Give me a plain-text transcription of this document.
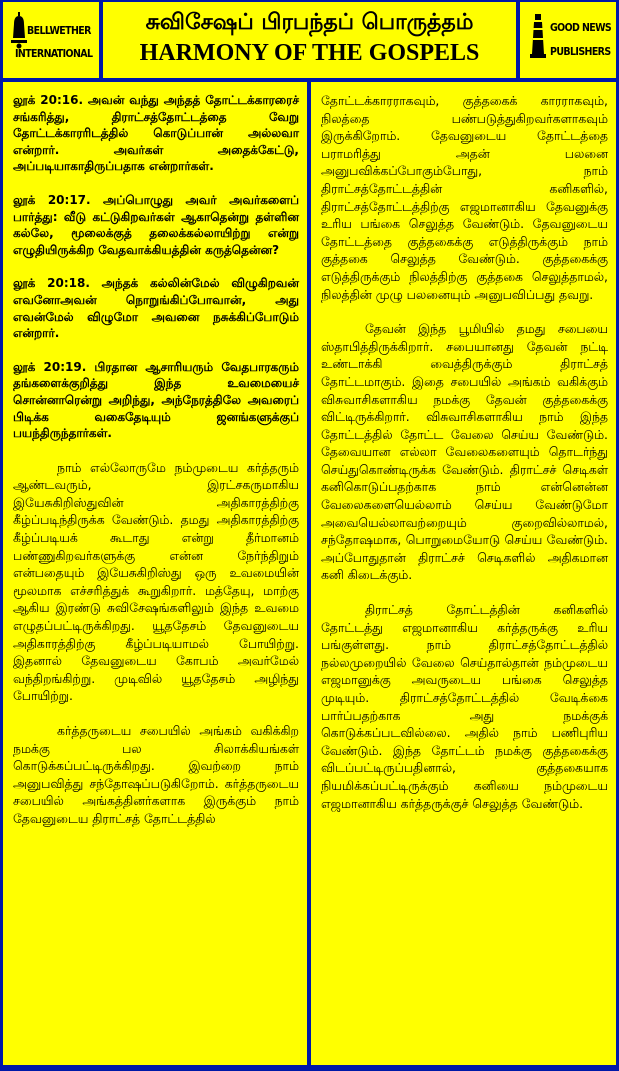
BELLWETHER
INTERNATIONAL
சுவிசேஷப் பிரபந்தப் பொருத்தம்
HARMONY OF THE GOSPELS
GOOD NEWS
PUBLISHERS

லூக் 20:16. அவன் வந்து அந்தத் தோட்டக்காரரைச் சங்கரித்து, திராட்சத்தோட்டத்தை வேறு தோட்டக்காரரிடத்தில் கொடுப்பான் அல்லவா என்றார். அவர்கள் அதைக்கேட்டு, அப்படியாகாதிருப்பதாக என்றார்கள்.

லூக் 20:17. அப்பொழுது அவர் அவர்களைப் பார்த்து: வீடு கட்டுகிறவர்கள் ஆகாதென்று தள்ளின கல்லே, மூலைக்குத் தலைக்கல்லாயிற்று என்று எழுதியிருக்கிற வேதவாக்கியத்தின் கருத்தென்ன?

லூக் 20:18. அந்தக் கல்லின்மேல் விழுகிறவன் எவனோஅவன் நொறுங்கிப்போவான், அது எவன்மேல் விழுமோ அவனை நசுக்கிப்போடும் என்றார்.

லூக் 20:19. பிரதான ஆசாரியரும் வேதபாரகரும் தங்களைக்குறித்து இந்த உவமையைச் சொன்னாரென்று அறிந்து, அந்நேரத்திலே அவரைப் பிடிக்க வகைதேடியும் ஜனங்களுக்குப் பயந்திருந்தார்கள்.

நாம் எல்லோருமே நம்முடைய கர்த்தரும் ஆண்டவரும், இரட்சகருமாகிய இயேசுகிறிஸ்துவின் அதிகாரத்திற்கு கீழ்ப்படிந்திருக்க வேண்டும். தமது அதிகாரத்திற்கு கீழ்ப்படியக் கூடாது என்று தீர்மானம் பண்ணுகிறவர்களுக்கு என்ன நேர்ந்திறும் என்பதையும் இயேசுகிறிஸ்து ஒரு உவமையின் மூலமாக எச்சரித்துக் கூறுகிறார். மத்தேயு, மாற்கு ஆகிய இரண்டு சுவிசேஷங்களிலும் இந்த உவமை எழுதப்பட்டிருக்கிறது. யூததேசம் தேவனுடைய அதிகாரத்திற்கு கீழ்ப்படியாமல் போயிற்று. இதனால் தேவனுடைய கோபம் அவர்மேல் வந்திறங்கிற்று. முடிவில் யூததேசம் அழிந்து போயிற்று.

கர்த்தருடைய சபையில் அங்கம் வகிக்கிற நமக்கு பல சிலாக்கியங்கள் கொடுக்கப்பட்டிருக்கிறது. இவற்றை நாம் அனுபவித்து சந்தோஷப்படுகிறோம். கர்த்தருடைய சபையில் அங்கத்தினர்களாக இருக்கும் நாம் தேவனுடைய திராட்சத் தோட்டத்தில்

தோட்டக்காரராகவும், குத்தகைக் காரராகவும், நிலத்தை பண்படுத்துகிறவர்களாகவும் இருக்கிறோம். தேவனுடைய தோட்டத்தை பராமரித்து அதன் பலனை அனுபவிக்கப்போகும்போது, நாம் திராட்சத்தோட்டத்தின் கனிகளில், திராட்சத்தோட்டத்திற்கு எஜமானாகிய தேவனுக்கு உரிய பங்கை செலுத்த வேண்டும். தேவனுடைய தோட்டத்தை குத்தகைக்கு எடுத்திருக்கும் நாம் குத்தகை செலுத்த வேண்டும். குத்தகைக்கு எடுத்திருக்கும் நிலத்திற்கு குத்தகை செலுத்தாமல், நிலத்தின் முழு பலனையும் அனுபவிப்பது தவறு.

தேவன் இந்த பூமியில் தமது சபையை ஸ்தாபித்திருக்கிறார். சபையானது தேவன் நட்டி உண்டாக்கி வைத்திருக்கும் திராட்சத் தோட்டமாகும். இதை சபையில் அங்கம் வகிக்கும் விசுவாசிகளாகிய நமக்கு தேவன் குத்தகைக்கு விட்டிருக்கிறார். விசுவாசிகளாகிய நாம் இந்த தோட்டத்தில் தோட்ட வேலை செய்ய வேண்டும். தேவையான எல்லா வேலைகளையும் தொடர்ந்து செய்துகொண்டிருக்க வேண்டும். திராட்சச் செடிகள் கனிகொடுப்பதற்காக நாம் என்னென்ன வேலைகளையெல்லாம் செய்ய வேண்டுமோ அவையெல்லாவற்றையும் குறைவில்லாமல், சந்தோஷமாக, பொறுமையோடு செய்ய வேண்டும். அப்போதுதான் திராட்சச் செடிகளில் அதிகமான கனி கிடைக்கும்.

திராட்சத் தோட்டத்தின் கனிகளில் தோட்டத்து எஜமானாகிய கர்த்தருக்கு உரிய பங்குள்ளது. நாம் திராட்சத்தோட்டத்தில் நல்லமுறையில் வேலை செய்தால்தான் நம்முடைய எஜமானுக்கு அவருடைய பங்கை செலுத்த முடியும். திராட்சத்தோட்டத்தில் வேடிக்கை பார்ப்பதற்காக அது நமக்குக் கொடுக்கப்படவில்லை. அதில் நாம் பணிபுரிய வேண்டும். இந்த தோட்டம் நமக்கு குத்தகைக்கு விடப்பட்டிருப்பதினால், குத்தகையாக நியமிக்கப்பட்டிருக்கும் கனியை நம்முடைய எஜமானாகிய கர்த்தருக்குச் செலுத்த வேண்டும்.
